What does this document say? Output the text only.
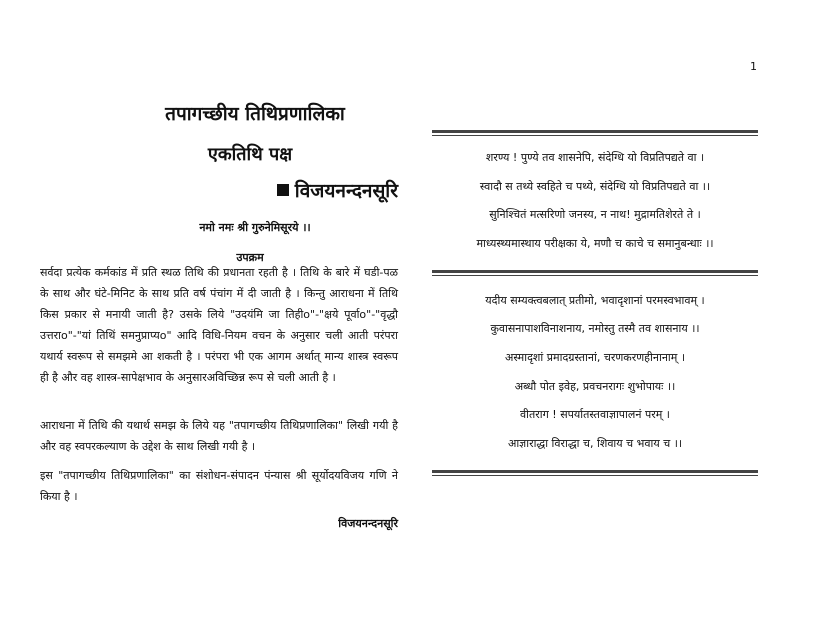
1
तपागच्छीय तिथिप्रणालिका
एकतिथि पक्ष
विजयनन्दनसूरि
नमो नमः श्री गुरुनेमिसूरये ।।
उपक्रम
सर्वदा प्रत्येक कर्मकांड में प्रति स्थळ तिथि की प्रधानता रहती है । तिथि के बारे में घडी-पळ के साथ और घंटे-मिनिट के साथ प्रति वर्ष पंचांग में दी जाती है । किन्तु आराधना में तिथि किस प्रकार से मनायी जाती है? उसके लिये "उदयंमि जा तिहीo"-"क्षये पूर्वाo"-"वृद्धौ उत्तराo"-"यां तिथिं समनुप्राप्यo" आदि विधि-नियम वचन के अनुसार चली आती परंपरा यथार्य स्वरूप से समझमे आ शकती है । परंपरा भी एक आगम अर्थात् मान्य शास्त्र स्वरूप ही है और वह शास्त्र-सापेक्षभाव के अनुसारअविच्छिन्न रूप से चली आती है ।
आराधना में तिथि की यथार्थ समझ के लिये यह "तपागच्छीय तिथिप्रणालिका" लिखी गयी है और वह स्वपरकल्याण के उद्देश के साथ लिखी गयी है ।
इस "तपागच्छीय तिथिप्रणालिका" का संशोधन-संपादन पंन्यास श्री सूर्योदयविजय गणि ने किया है ।
विजयनन्दनसूरि
शरण्य ! पुण्ये तव शासनेपि, संदेग्धि यो विप्रतिपद्यते वा ।
स्वादौ स तथ्ये स्वहिते च पथ्ये, संदेग्धि यो विप्रतिपद्यते वा ।।
सुनिश्चितं मत्सरिणो जनस्य, न नाथ! मुद्रामतिशेरते ते ।
माध्यस्थ्यमास्थाय परीक्षका ये, मणौ च काचे च समानुबन्धाः ।।
यदीय सम्यक्त्वबलात् प्रतीमो, भवादृशानां परमस्वभावम् ।
कुवासनापाशविनाशनाय, नमोस्तु तस्मै तव शासनाय ।।
अस्मादृशां प्रमादग्रस्तानां, चरणकरणहीनानाम् ।
अब्धौ पोत इवेह, प्रवचनरागः शुभोपायः ।।
वीतराग ! सपर्यातस्तवाज्ञापालनं परम् ।
आज्ञाराद्धा विराद्धा च, शिवाय च भवाय च ।।
